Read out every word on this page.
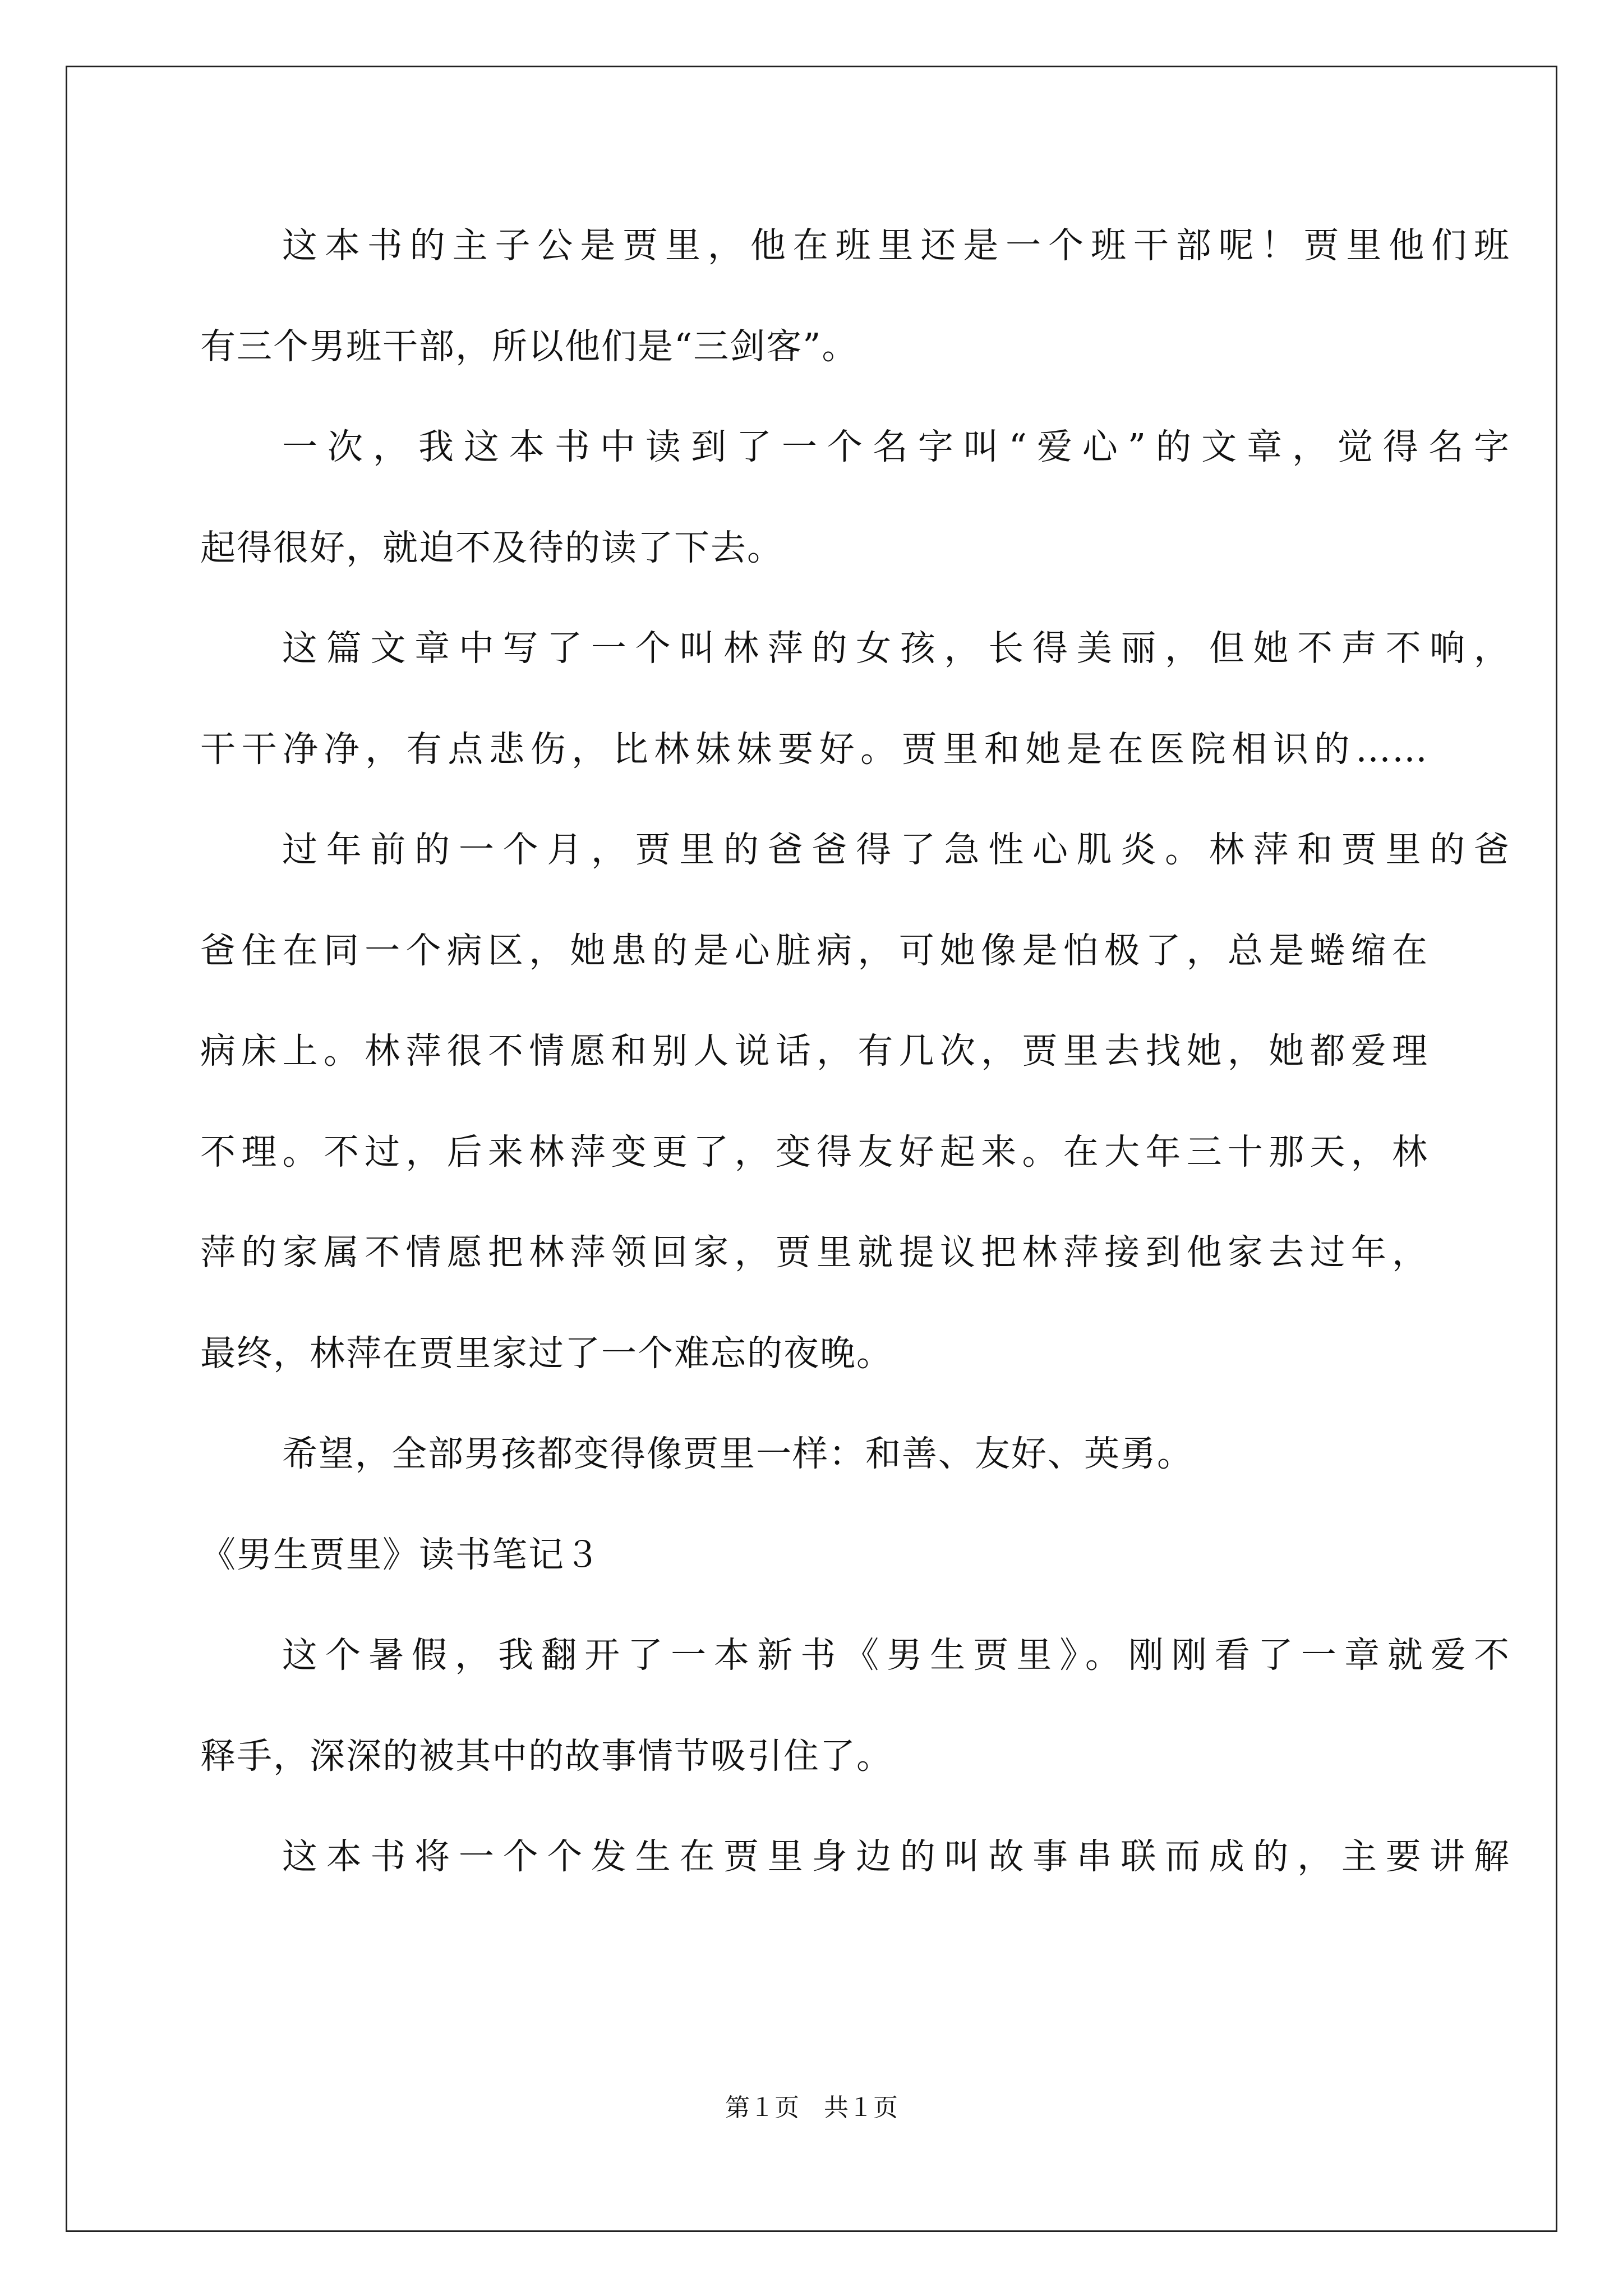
这本书的主子公是贾里，他在班里还是一个班干部呢！贾里他们班
有三个男班干部，所以他们是“三剑客”。
一次，我这本书中读到了一个名字叫“爱心”的文章，觉得名字
起得很好，就迫不及待的读了下去。
这篇文章中写了一个叫林萍的女孩，长得美丽，但她不声不响，
干干净净，有点悲伤，比林妹妹要好。贾里和她是在医院相识的……
过年前的一个月，贾里的爸爸得了急性心肌炎。林萍和贾里的爸
爸住在同一个病区，她患的是心脏病，可她像是怕极了，总是蜷缩在
病床上。林萍很不情愿和别人说话，有几次，贾里去找她，她都爱理
不理。不过，后来林萍变更了，变得友好起来。在大年三十那天，林
萍的家属不情愿把林萍领回家，贾里就提议把林萍接到他家去过年，
最终，林萍在贾里家过了一个难忘的夜晚。
希望，全部男孩都变得像贾里一样：和善、友好、英勇。
《男生贾里》读书笔记３
这个暑假，我翻开了一本新书《男生贾里》。刚刚看了一章就爱不
释手，深深的被其中的故事情节吸引住了。
这本书将一个个发生在贾里身边的叫故事串联而成的，主要讲解
第１页　共１页
